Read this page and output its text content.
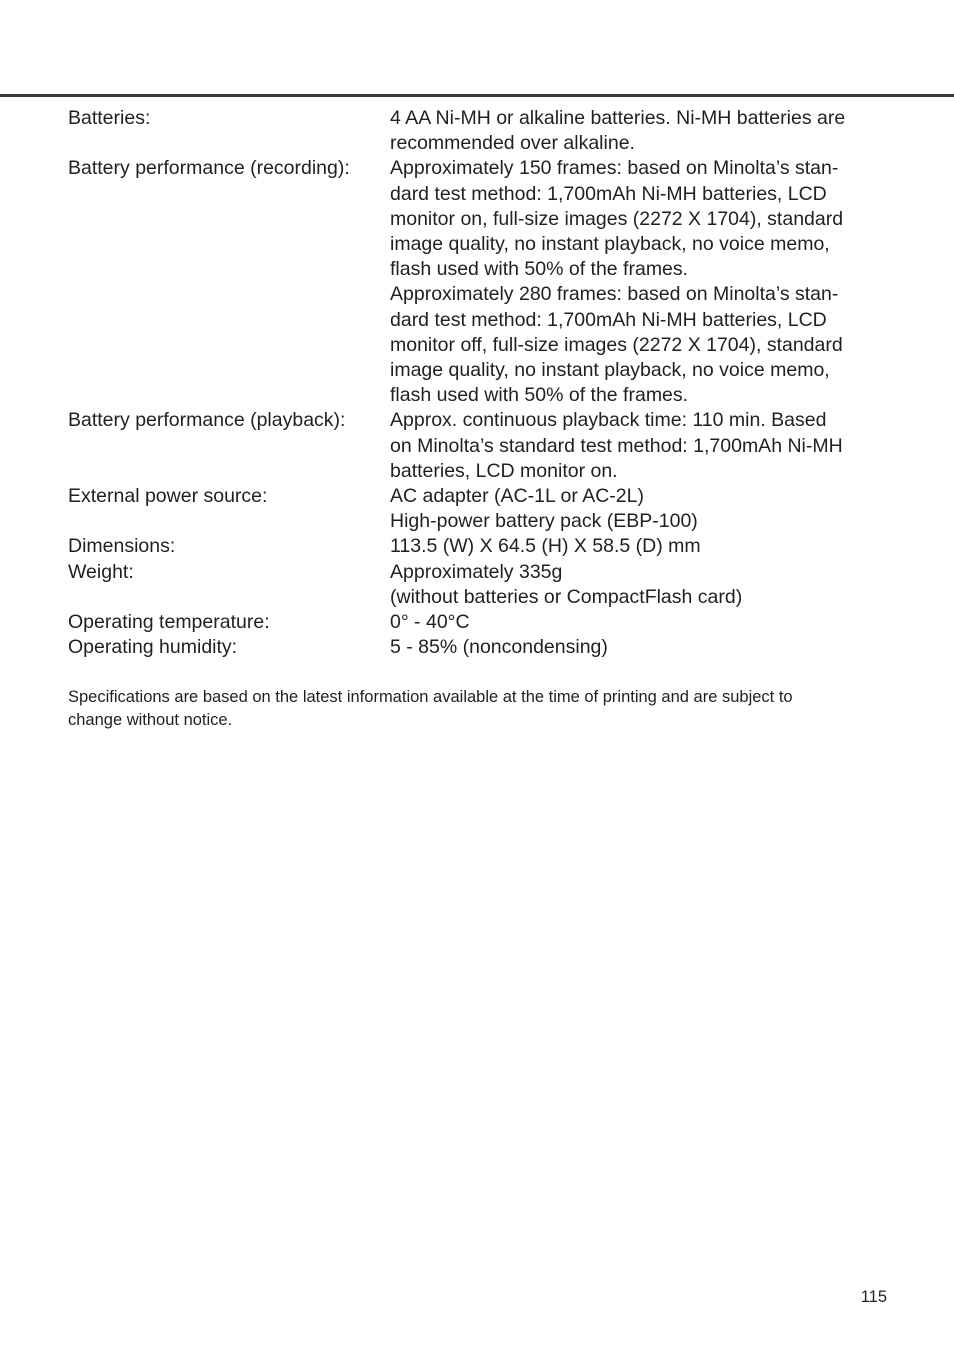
Batteries:	4 AA Ni-MH or alkaline batteries. Ni-MH batteries are
recommended over alkaline.
Battery performance (recording):	Approximately 150 frames: based on Minolta’s stan-
dard test method: 1,700mAh Ni-MH batteries, LCD
monitor on, full-size images (2272 X 1704), standard
image quality, no instant playback, no voice memo,
flash used with 50% of the frames.
Approximately 280 frames: based on Minolta’s stan-
dard test method: 1,700mAh Ni-MH batteries, LCD
monitor off, full-size images (2272 X 1704), standard
image quality, no instant playback, no voice memo,
flash used with 50% of the frames.
Battery performance (playback):	Approx. continuous playback time: 110 min. Based
on Minolta’s standard test method: 1,700mAh Ni-MH
batteries, LCD monitor on.
External power source:	AC adapter (AC-1L or AC-2L)
High-power battery pack (EBP-100)
Dimensions:	113.5 (W) X 64.5 (H) X 58.5 (D) mm
Weight:	Approximately 335g
(without batteries or CompactFlash card)
Operating temperature:	0° - 40°C
Operating humidity:	5 - 85% (noncondensing)
Specifications are based on the latest information available at the time of printing and are subject to
change without notice.
115
